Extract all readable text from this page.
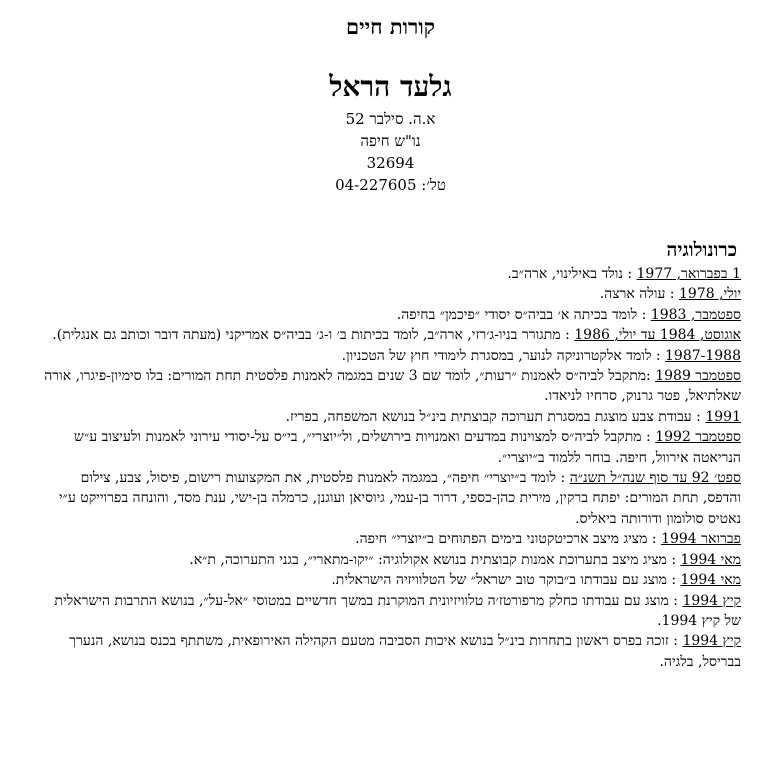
קורות חיים
גלעד הראל
א.ה. סילבר 52
נו"ש חיפה
32694
טל׳: 04-227605
כרונולוגיה

1 בפברואר, 1977 : נולד באילינוי, ארה״ב.

יולי, 1978 : עולה ארצה.

ספטמבר, 1983 : לומד בכיתה א׳ בביה״ס יסודי ״פיכמן״ בחיפה.

אוגוסט, 1984 עד יולי, 1986 : מתגורר בניו-ג׳רזי, ארה״ב, לומד בכיתות ב׳ ו-ג׳ בביה״ס אמריקני (מעתה דובר וכותב גם אנגלית).

1987-1988 : לומד אלקטרוניקה לנוער, במסגרת לימודי חוץ של הטכניון.

ספטמבר 1989 :מתקבל לביה״ס לאמנות ״רעות״, לומד שם 3 שנים במגמה לאמנות פלסטית תחת המורים: בלו סימיון-פיגרו, אורה שאלתיאל, פטר גרנוק, סרחיו לניאדו.

1991 : עבודת צבע מוצגת במסגרת תערוכה קבוצתית בינ״ל בנושא המשפחה, בפריז.

ספטמבר 1992 : מתקבל לביה״ס למצוינות במדעים ואמנויות בירושלים, ול״יוצרי״, בי״ס על-יסודי עירוני לאמנות ולעיצוב ע״ש הנריאטה אירוול, חיפה. בוחר ללמוד ב״יוצרי״.

ספט׳ 92 עד סוף שנה״ל תשנ״ה : לומד ב״יוצרי״ חיפה״, במגמה לאמנות פלסטית, את המקצועות רישום, פיסול, צבע, צילום והדפס, תחת המורים: יפתח ברקין, מירית כהן-כספי, דרור בן-עמי, גיוסיאן ועוגנן, כרמלה בן-ישי, ענת מסד, והונחה בפרוייקט ע״י נאטיס סולומון ודורותה ביאליס.

פברואר 1994 : מציג מיצב ארכיטקטוני בימים הפתוחים ב״יוצרי״ חיפה.

מאי 1994 : מציג מיצב בתערוכת אמנות קבוצתית בנושא אקולוגיה: ״יקו-מתארי״, בגני התערוכה, ת״א.

מאי 1994 : מוצג עם עבודתו ב״בוקר טוב ישראל״ של הטלוויזיה הישראלית.

קיץ 1994 : מוצג עם עבודתו כחלק מרפורטז׳ה טלוויזיונית המוקרנת במשך חדשיים במטוסי ״אל-על״, בנושא התרבות הישראלית של קיץ 1994.

קיץ 1994 : זוכה בפרס ראשון בתחרות בינ״ל בנושא איכות הסביבה מטעם הקהילה האירופאית, משתתף בכנס בנושא, הנערך בבריסל, בלגיה.
